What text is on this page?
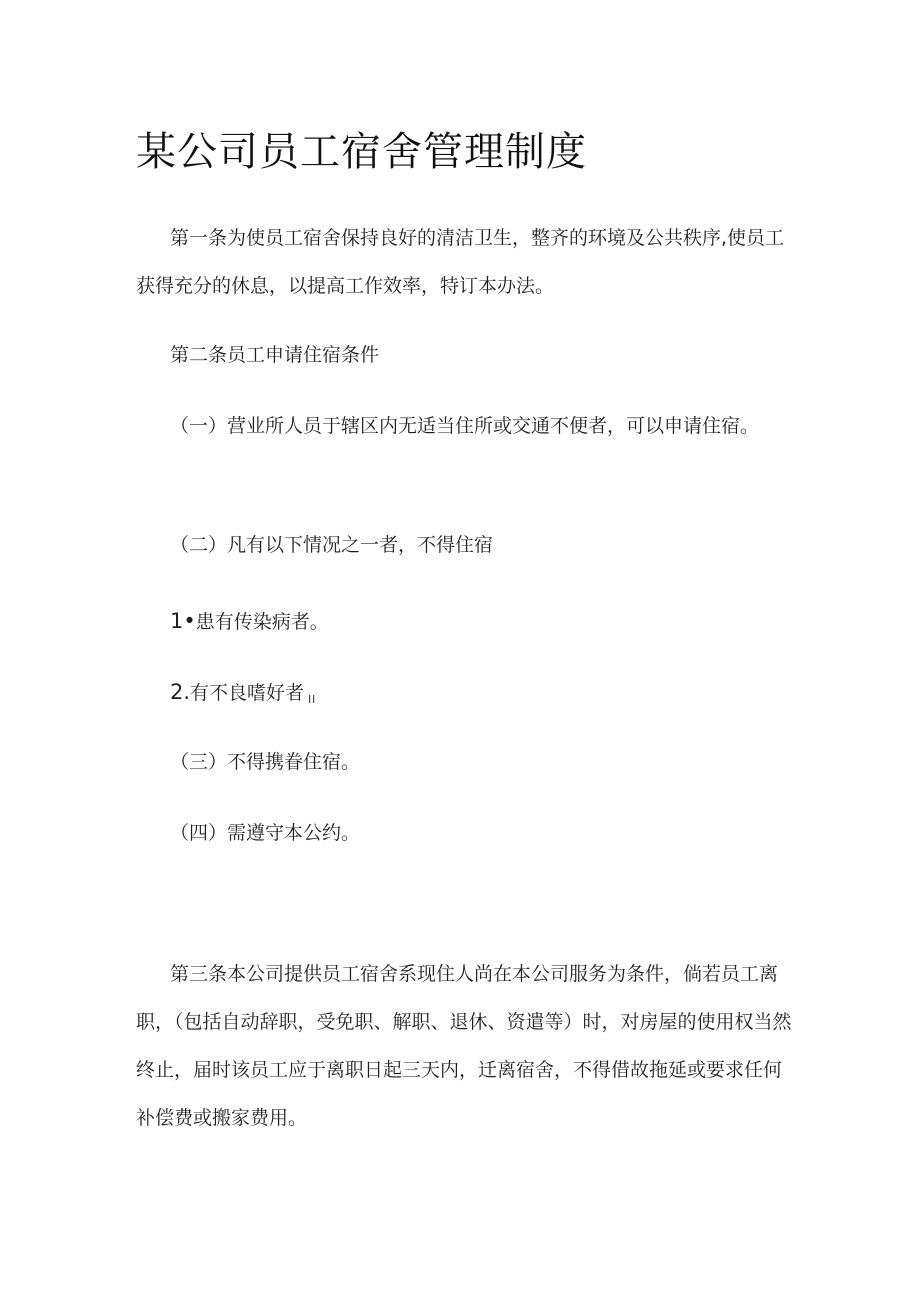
某公司员工宿舍管理制度
第一条为使员工宿舍保持良好的清洁卫生，整齐的环境及公共秩序,使员工获得充分的休息，以提高工作效率，特订本办法。
第二条员工申请住宿条件
（一）营业所人员于辖区内无适当住所或交通不便者，可以申请住宿。
（二）凡有以下情况之一者，不得住宿
1•患有传染病者。
2.有不良嗜好者 $_{ll}$
（三）不得携眷住宿。
（四）需遵守本公约。
第三条本公司提供员工宿舍系现住人尚在本公司服务为条件，倘若员工离职，（包括自动辞职，受免职、解职、退休、资遣等）时，对房屋的使用权当然终止，届时该员工应于离职日起三天内，迁离宿舍，不得借故拖延或要求任何补偿费或搬家费用。
